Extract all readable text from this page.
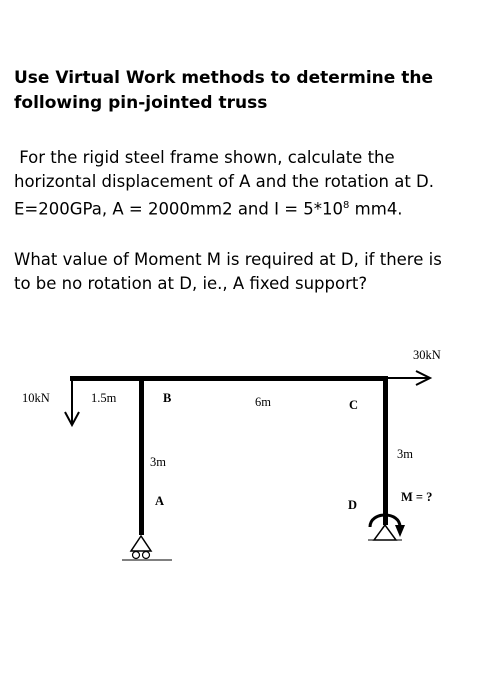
Use Virtual Work methods to determine the
following pin-jointed truss
For the rigid steel frame shown, calculate the
horizontal displacement of A and the rotation at D.
E=200GPa, A = 2000mm2 and $I = 5*10^8$ mm4.
What value of Moment M is required at D, if there is
to be no rotation at D, ie., A fixed support?
30kN
10kN	1.5m	B	6m	C
3m
3m
A	D
M = ?
